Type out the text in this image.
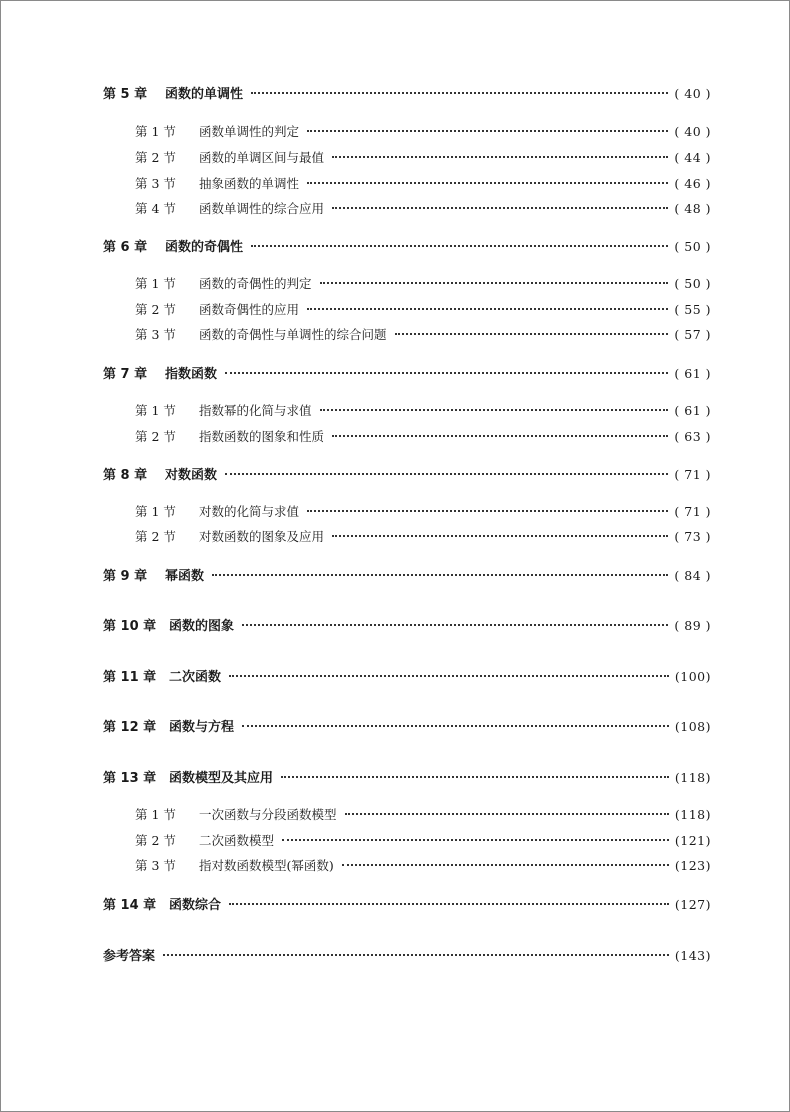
第 5 章	函数的单调性	( 40 )
第 1 节	函数单调性的判定	( 40 )
第 2 节	函数的单调区间与最值	( 44 )
第 3 节	抽象函数的单调性	( 46 )
第 4 节	函数单调性的综合应用	( 48 )
第 6 章	函数的奇偶性	( 50 )
第 1 节	函数的奇偶性的判定	( 50 )
第 2 节	函数奇偶性的应用	( 55 )
第 3 节	函数的奇偶性与单调性的综合问题	( 57 )
第 7 章	指数函数	( 61 )
第 1 节	指数幂的化简与求值	( 61 )
第 2 节	指数函数的图象和性质	( 63 )
第 8 章	对数函数	( 71 )
第 1 节	对数的化简与求值	( 71 )
第 2 节	对数函数的图象及应用	( 73 )
第 9 章	幂函数	( 84 )
第 10 章 函数的图象	( 89 )
第 11 章 二次函数	(100)
第 12 章 函数与方程	(108)
第 13 章 函数模型及其应用	(118)
第 1 节	一次函数与分段函数模型	(118)
第 2 节	二次函数模型	(121)
第 3 节	指对数函数模型(幂函数)	(123)
第 14 章 函数综合	(127)
参考答案	(143)
